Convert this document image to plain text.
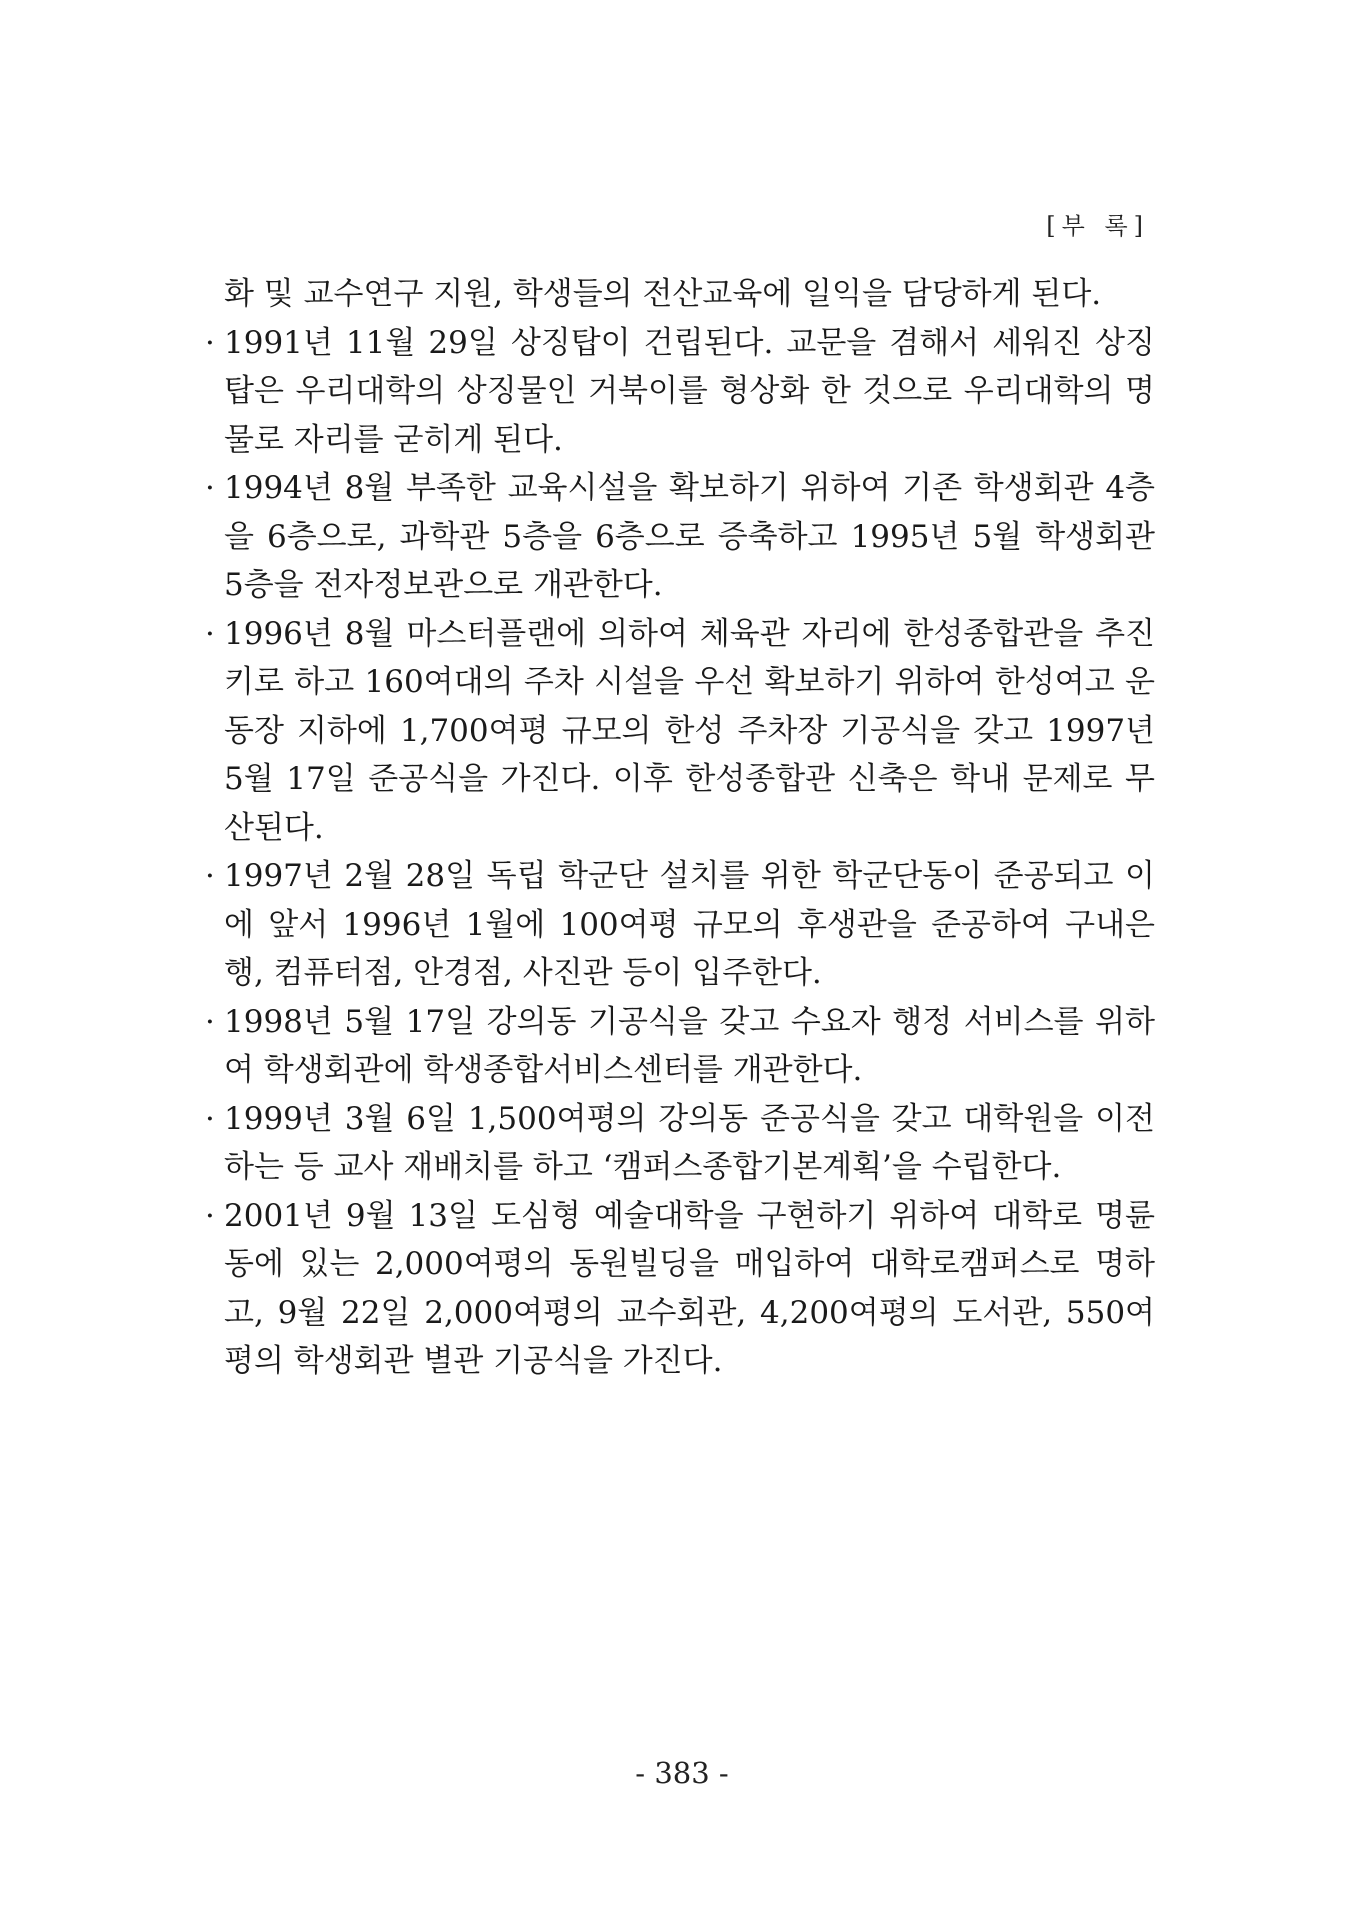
[부 록]
화 및 교수연구 지원, 학생들의 전산교육에 일익을 담당하게 된다.
· 1991년 11월 29일 상징탑이 건립된다. 교문을 겸해서 세워진 상징탑은 우리대학의 상징물인 거북이를 형상화 한 것으로 우리대학의 명물로 자리를 굳히게 된다.
· 1994년 8월 부족한 교육시설을 확보하기 위하여 기존 학생회관 4층을 6층으로, 과학관 5층을 6층으로 증축하고 1995년 5월 학생회관 5층을 전자정보관으로 개관한다.
· 1996년 8월 마스터플랜에 의하여 체육관 자리에 한성종합관을 추진키로 하고 160여대의 주차 시설을 우선 확보하기 위하여 한성여고 운동장 지하에 1,700여평 규모의 한성 주차장 기공식을 갖고 1997년 5월 17일 준공식을 가진다. 이후 한성종합관 신축은 학내 문제로 무산된다.
· 1997년 2월 28일 독립 학군단 설치를 위한 학군단동이 준공되고 이에 앞서 1996년 1월에 100여평 규모의 후생관을 준공하여 구내은행, 컴퓨터점, 안경점, 사진관 등이 입주한다.
· 1998년 5월 17일 강의동 기공식을 갖고 수요자 행정 서비스를 위하여 학생회관에 학생종합서비스센터를 개관한다.
· 1999년 3월 6일 1,500여평의 강의동 준공식을 갖고 대학원을 이전하는 등 교사 재배치를 하고 ‘캠퍼스종합기본계획’을 수립한다.
· 2001년 9월 13일 도심형 예술대학을 구현하기 위하여 대학로 명륜동에 있는 2,000여평의 동원빌딩을 매입하여 대학로캠퍼스로 명하고, 9월 22일 2,000여평의 교수회관, 4,200여평의 도서관, 550여평의 학생회관 별관 기공식을 가진다.
- 383 -
